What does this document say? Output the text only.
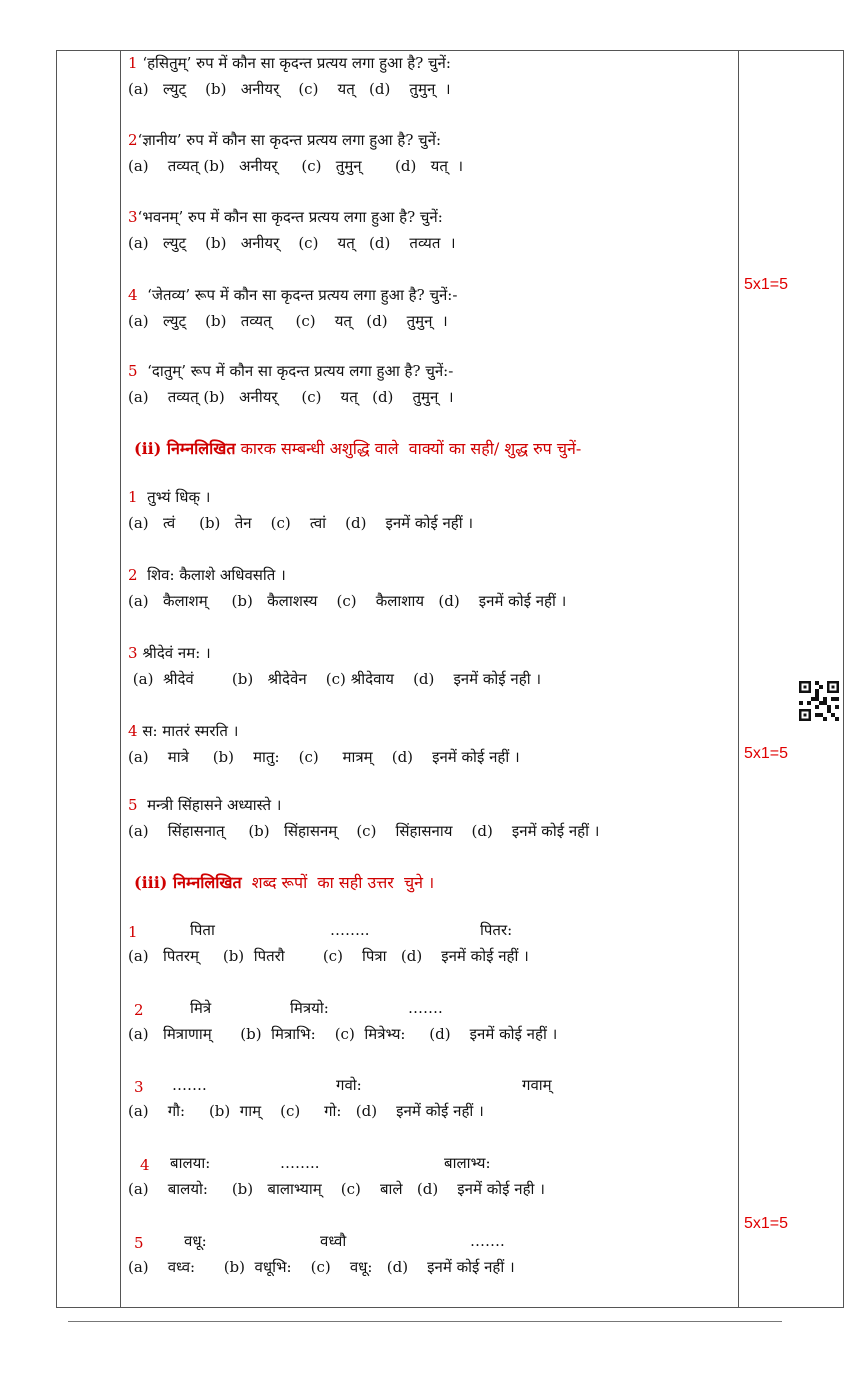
1 ‘हसितुम्’ रुप में कौन सा कृदन्त प्रत्यय लगा हुआ है? चुनें:
(a)   ल्युट्    (b)   अनीयर्    (c)    यत्   (d)    तुमुन्  ।
2‘ज्ञानीय’ रुप में कौन सा कृदन्त प्रत्यय लगा हुआ है? चुनें:
(a)    तव्यत् (b)   अनीयर्     (c)   तुमुन्       (d)   यत्  ।
3‘भवनम्’ रुप में कौन सा कृदन्त प्रत्यय लगा हुआ है? चुनें:
(a)   ल्युट्    (b)   अनीयर्    (c)    यत्   (d)    तव्यत  ।
4  ‘जेतव्य’ रूप में कौन सा कृदन्त प्रत्यय लगा हुआ है? चुनें:-
(a)   ल्युट्    (b)   तव्यत्     (c)    यत्   (d)    तुमुन्  ।
5  ‘दातुम्’ रूप में कौन सा कृदन्त प्रत्यय लगा हुआ है? चुनें:-
(a)    तव्यत् (b)   अनीयर्     (c)    यत्   (d)    तुमुन्  ।
5x1=5
(ii) निम्नलिखित कारक सम्बन्धी अशुद्धि वाले  वाक्यों का सही/ शुद्ध रुप चुनें-
1  तुभ्यं धिक् ।
(a)   त्वं     (b)   तेन    (c)    त्वां    (d)    इनमें कोई नहीं ।
2  शिव: कैलाशे अधिवसति ।
(a)   कैलाशम्     (b)   कैलाशस्य    (c)    कैलाशाय   (d)    इनमें कोई नहीं ।
3 श्रीदेवं नम: ।
(a)  श्रीदेवं        (b)   श्रीदेवेन    (c) श्रीदेवाय    (d)    इनमें कोई नही ।
4 स: मातरं स्मरति ।
(a)    मात्रे     (b)    मातु:    (c)     मात्रम्    (d)    इनमें कोई नहीं ।
5  मन्त्री सिंहासने अध्यास्ते ।
(a)    सिंहासनात्     (b)   सिंहासनम्    (c)    सिंहासनाय    (d)    इनमें कोई नहीं ।
5x1=5
(iii) निम्नलिखित  शब्द रूपों  का सही उत्तर  चुने ।
1	पिता	……..	पितर:
(a)   पितरम्     (b)  पितरौ        (c)    पित्रा   (d)    इनमें कोई नहीं ।
2	मित्रे	मित्रयो:	…….
(a)   मित्राणाम्      (b)  मित्राभि:    (c)  मित्रेभ्य:     (d)    इनमें कोई नहीं ।
3 …….	गवो:	गवाम्
(a)    गौ:     (b)  गाम्    (c)     गो:   (d)    इनमें कोई नहीं ।
4 बालया:	……..	बालाभ्य:
(a)    बालयो:     (b)   बालाभ्याम्    (c)    बाले   (d)    इनमें कोई नही ।
5	वधू:	वध्वौ	…….
(a)    वध्व:      (b)  वधूभि:    (c)    वधू:   (d)    इनमें कोई नहीं ।
5x1=5
